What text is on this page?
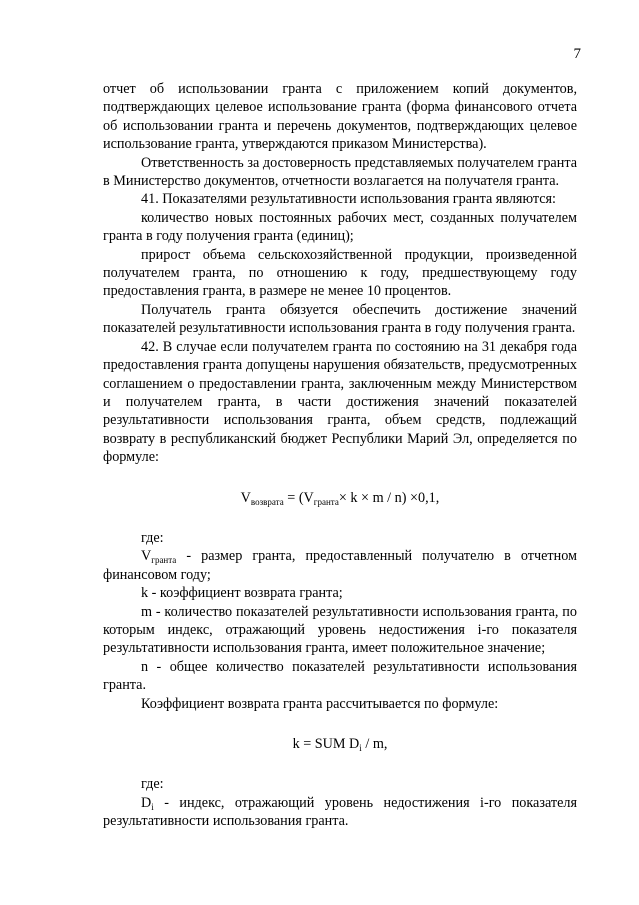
7

отчет об использовании гранта с приложением копий документов, подтверждающих целевое использование гранта (форма финансового отчета об использовании гранта и перечень документов, подтверждающих целевое использование гранта, утверждаются приказом Министерства).

Ответственность за достоверность представляемых получателем гранта в Министерство документов, отчетности возлагается на получателя гранта.

41. Показателями результативности использования гранта являются:

количество новых постоянных рабочих мест, созданных получателем гранта в году получения гранта (единиц);

прирост объема сельскохозяйственной продукции, произведенной получателем гранта, по отношению к году, предшествующему году предоставления гранта, в размере не менее 10 процентов.

Получатель гранта обязуется обеспечить достижение значений показателей результативности использования гранта в году получения гранта.

42. В случае если получателем гранта по состоянию на 31 декабря года предоставления гранта допущены нарушения обязательств, предусмотренных соглашением о предоставлении гранта, заключенным между Министерством и получателем гранта, в части достижения значений показателей результативности использования гранта, объем средств, подлежащий возврату в республиканский бюджет Республики Марий Эл, определяется по формуле:

$V_{возврата} = (V_{гранта}\times k \times m / n) \times 0,1$,

где:

$V_{гранта}$ - размер гранта, предоставленный получателю в отчетном финансовом году;

k - коэффициент возврата гранта;

m - количество показателей результативности использования гранта, по которым индекс, отражающий уровень недостижения i-го показателя результативности использования гранта, имеет положительное значение;

n - общее количество показателей результативности использования гранта.

Коэффициент возврата гранта рассчитывается по формуле:

k = SUM $D_i$ / m,

где:

$D_i$ - индекс, отражающий уровень недостижения i-го показателя результативности использования гранта.
